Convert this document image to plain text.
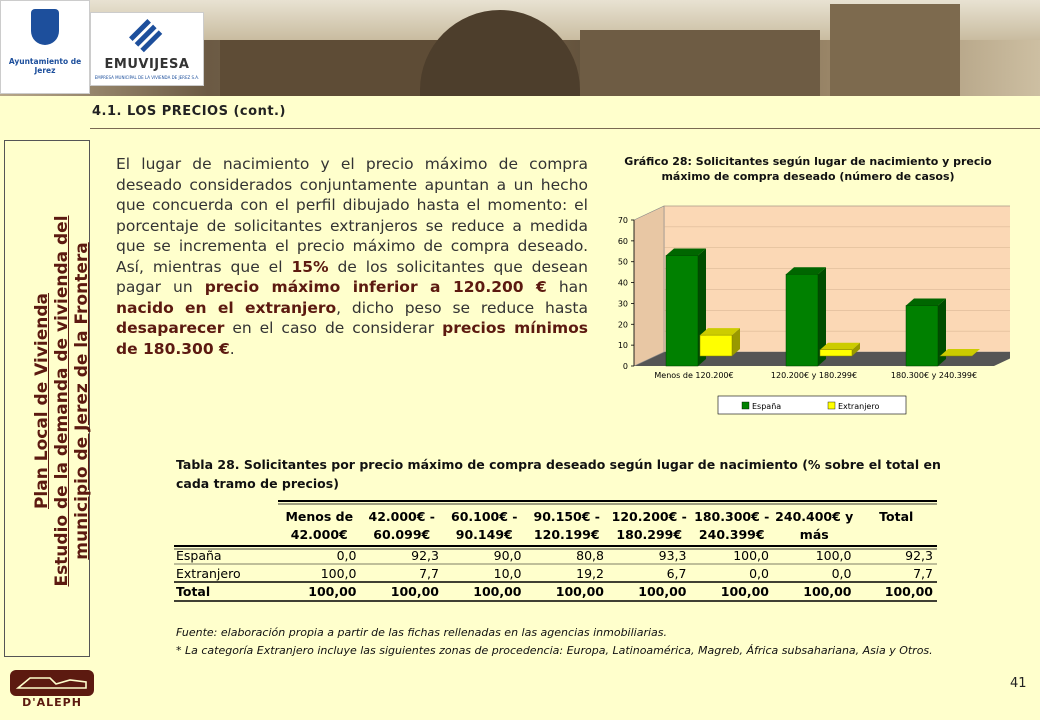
Ayuntamiento de Jerez	EMUVIJESA
EMPRESA MUNICIPAL DE LA VIVIENDA DE JEREZ S.A.
4.1. LOS PRECIOS (cont.)
Plan Local de Vivienda Estudio de la demanda de vivienda del municipio de Jerez de la Frontera
El lugar de nacimiento y el precio máximo de compra deseado considerados conjuntamente apuntan a un hecho que concuerda con el perfil dibujado hasta el momento: el porcentaje de solicitantes extranjeros se reduce a medida que se incrementa el precio máximo de compra deseado. Así, mientras que el 15% de los solicitantes que desean pagar un precio máximo inferior a 120.200 € han nacido en el extranjero, dicho peso se reduce hasta desaparecer en el caso de considerar precios mínimos de 180.300 €.
Gráfico 28: Solicitantes según lugar de nacimiento y precio máximo de compra deseado (número de casos)
0
10
20
30
40
50
60
70
Menos de 120.200€	120.200€ y 180.299€	180.300€ y 240.399€
España	Extranjero
Tabla 28. Solicitantes por precio máximo de compra deseado según lugar de nacimiento (% sobre el total en cada tramo de precios)
Menos de
42.000€
42.000€ -
60.099€
60.100€ -
90.149€
90.150€ -
120.199€
120.200€ -
180.299€
180.300€ -
240.399€
240.400€ y
más
Total
España	0,0	92,3	90,0	80,8	93,3	100,0	100,0	92,3
Extranjero	100,0	7,7	10,0	19,2	6,7	0,0	0,0	7,7
Total	100,00	100,00	100,00	100,00	100,00	100,00	100,00	100,00
Fuente: elaboración propia a partir de las fichas rellenadas en las agencias inmobiliarias.
* La categoría Extranjero incluye las siguientes zonas de procedencia: Europa, Latinoamérica, Magreb, África subsahariana, Asia y Otros.
D'ALEPH
41
